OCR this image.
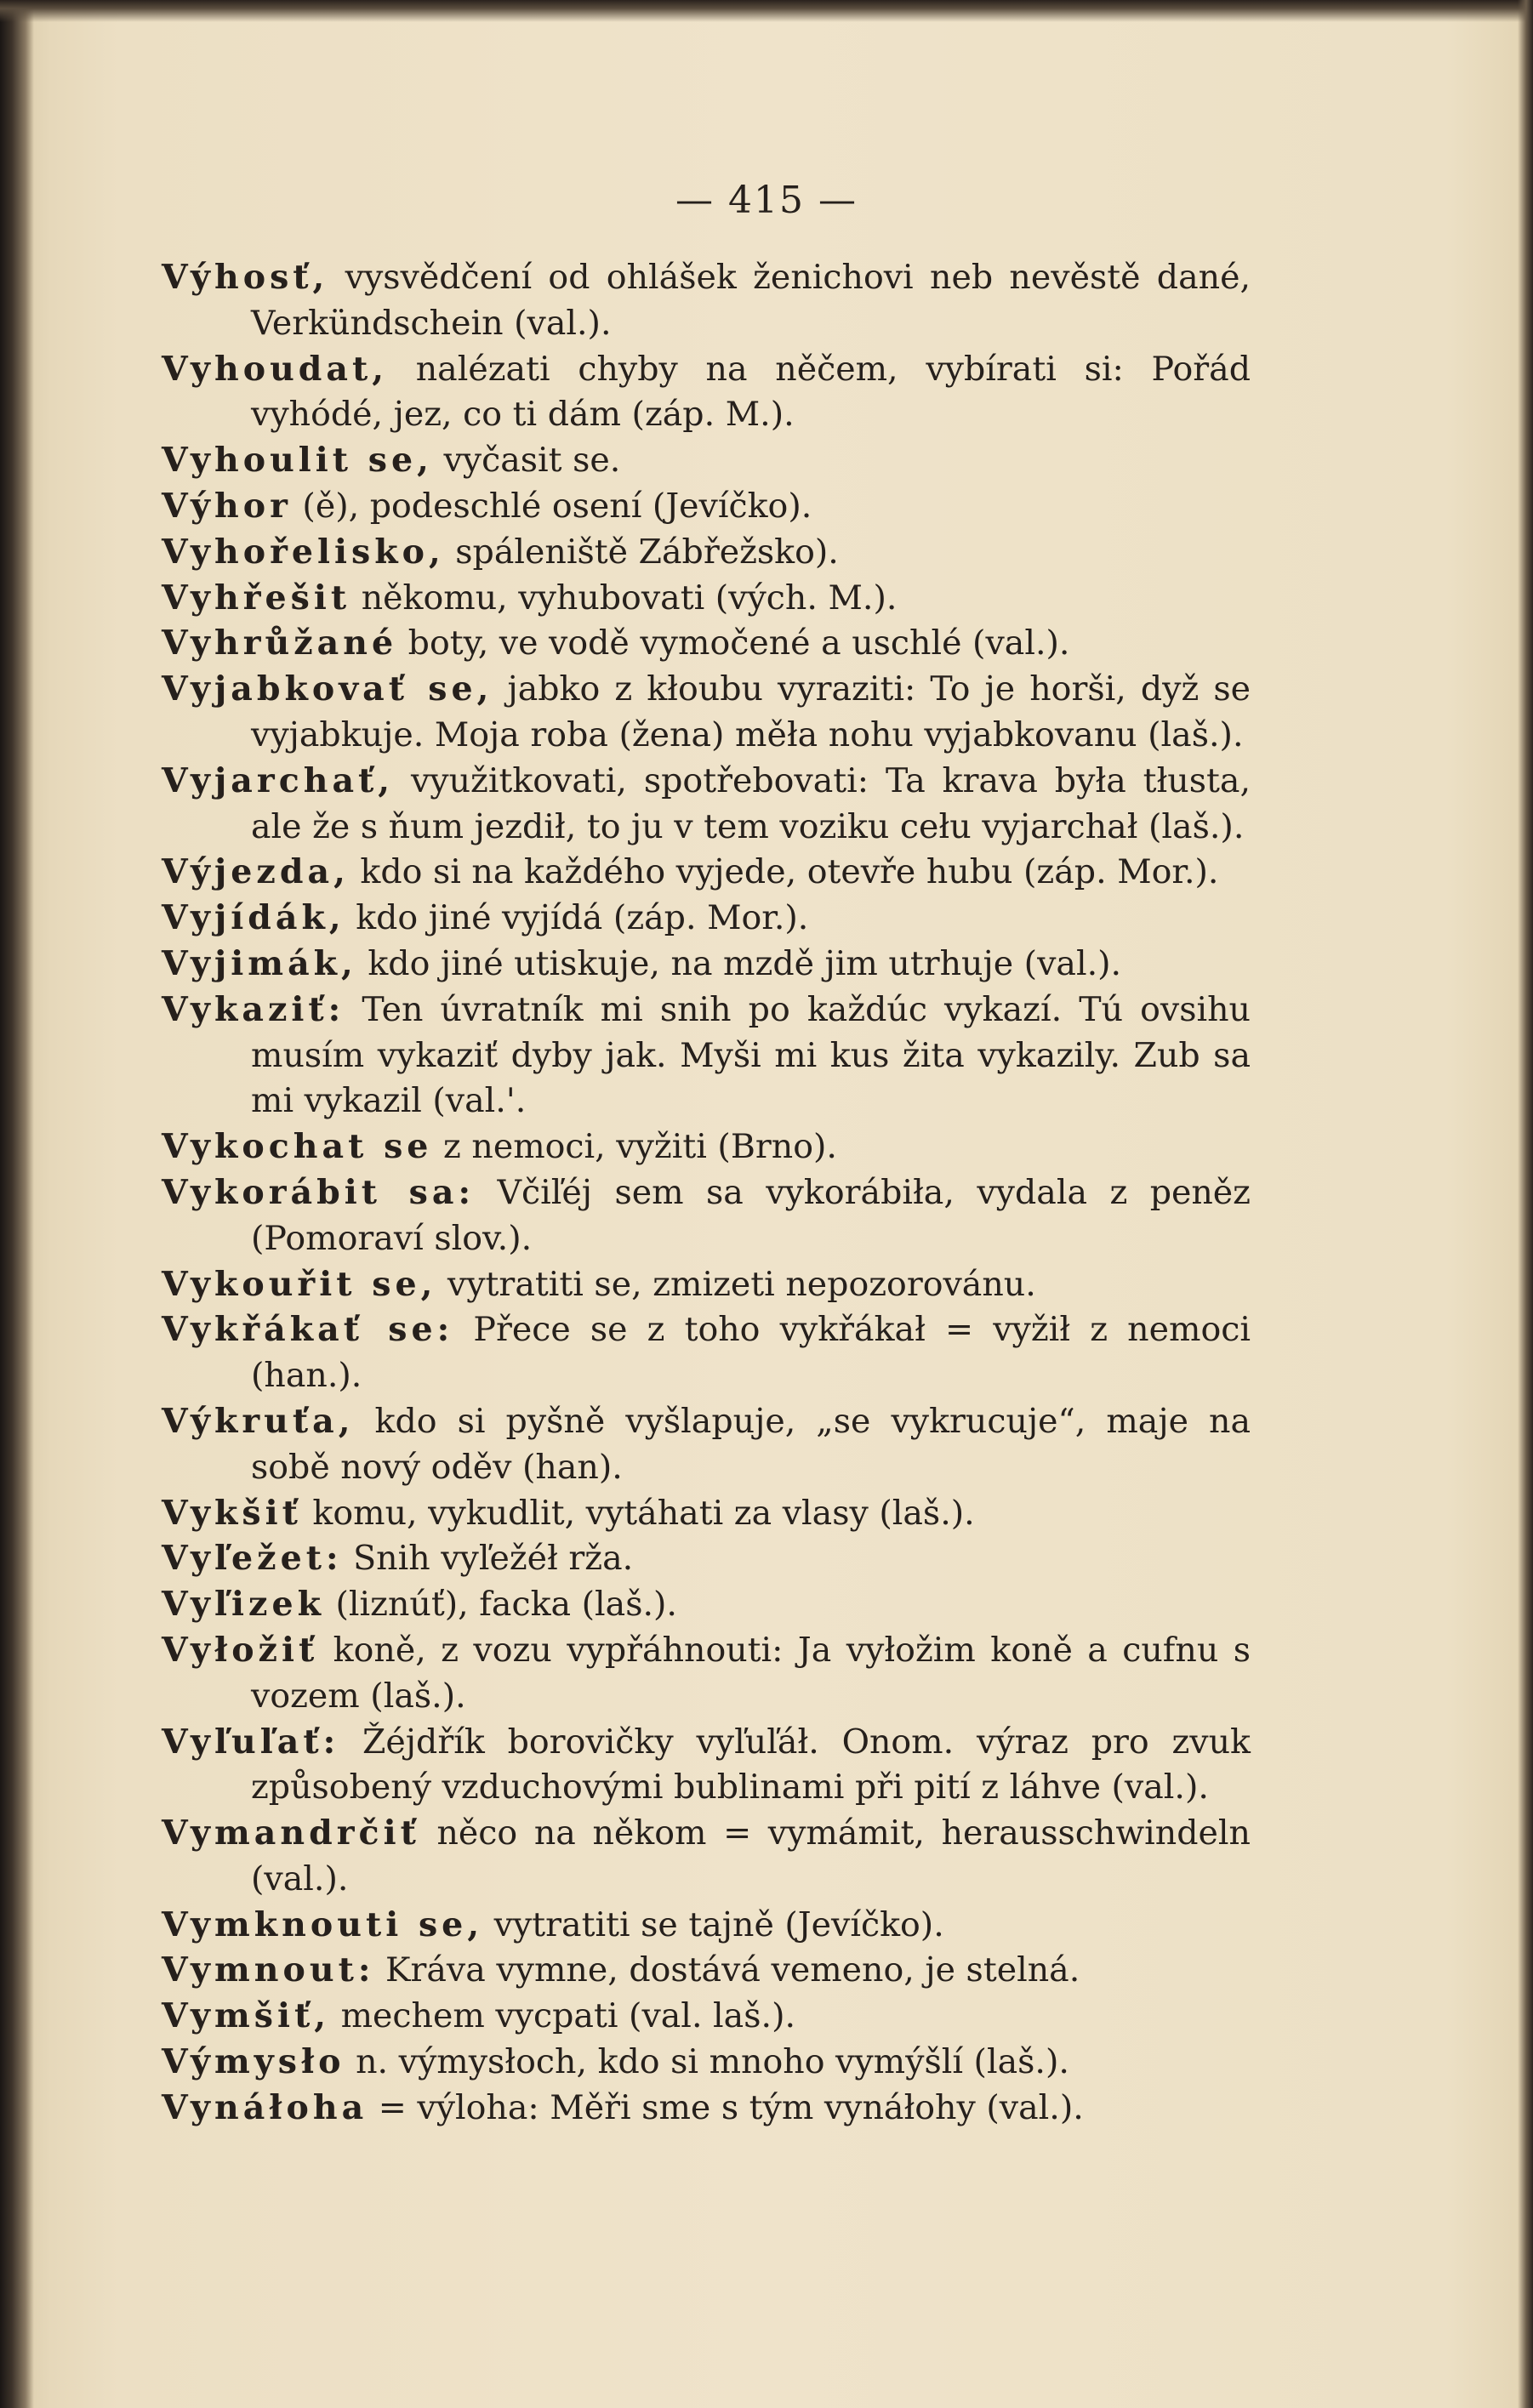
— 415 —
Výhosť, vysvědčení od ohlášek ženichovi neb nevěstě dané, Verkündschein (val.).
Vyhoudat, nalézati chyby na něčem, vybírati si: Pořád vyhódé, jez, co ti dám (záp. M.).
Vyhoulit se, vyčasit se.
Výhor (ě), podeschlé osení (Jevíčko).
Vyhořelisko, spáleniště Zábřežsko).
Vyhřešit někomu, vyhubovati (vých. M.).
Vyhrůžané boty, ve vodě vymočené a uschlé (val.).
Vyjabkovať se, jabko z kłoubu vyraziti: To je horši, dyž se vyjabkuje. Moja roba (žena) měła nohu vyjabkovanu (laš.).
Vyjarchať, využitkovati, spotřebovati: Ta krava była tłusta, ale že s ňum jezdił, to ju v tem voziku cełu vyjarchał (laš.).
Výjezda, kdo si na každého vyjede, otevře hubu (záp. Mor.).
Vyjídák, kdo jiné vyjídá (záp. Mor.).
Vyjimák, kdo jiné utiskuje, na mzdě jim utrhuje (val.).
Vykaziť: Ten úvratník mi snih po každúc vykazí. Tú ovsihu musím vykaziť dyby jak. Myši mi kus žita vykazily. Zub sa mi vykazil (val.'.
Vykochat se z nemoci, vyžiti (Brno).
Vykorábit sa: Včiľéj sem sa vykorábiła, vydala z peněz (Pomoraví slov.).
Vykouřit se, vytratiti se, zmizeti nepozorovánu.
Vykřákať se: Přece se z toho vykřákał = vyžił z nemoci (han.).
Výkruťa, kdo si pyšně vyšlapuje, „se vykrucuje“, maje na sobě nový oděv (han).
Vykšiť komu, vykudlit, vytáhati za vlasy (laš.).
Vyľežet: Snih vyľežéł rža.
Vyľizek (liznúť), facka (laš.).
Vyłožiť koně, z vozu vypřáhnouti: Ja vyłožim koně a cufnu s vozem (laš.).
Vyľuľať: Žéjdřík borovičky vyľuľáł. Onom. výraz pro zvuk způsobený vzduchovými bublinami při pití z láhve (val.).
Vymandrčiť něco na někom = vymámit, herausschwindeln (val.).
Vymknouti se, vytratiti se tajně (Jevíčko).
Vymnout: Kráva vymne, dostává vemeno, je stelná.
Vymšiť, mechem vycpati (val. laš.).
Výmysło n. výmysłoch, kdo si mnoho vymýšlí (laš.).
Vynáłoha = výloha: Měři sme s tým vynáłohy (val.).
